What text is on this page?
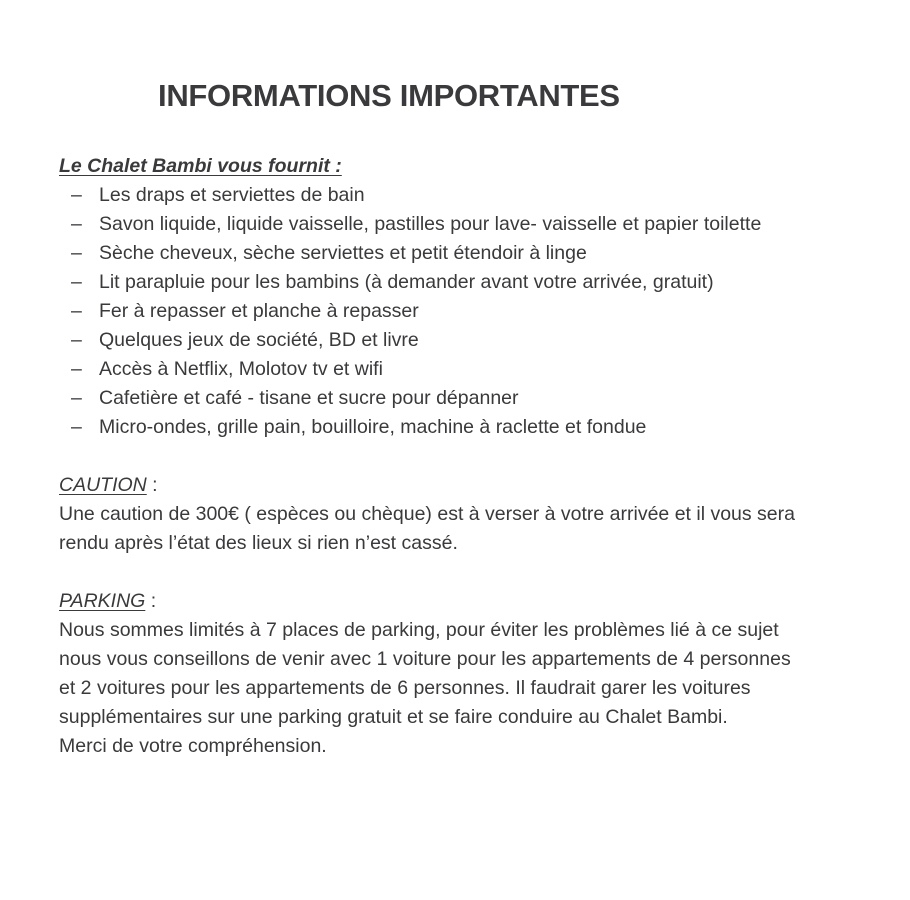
INFORMATIONS IMPORTANTES

Le Chalet Bambi vous fournit :

– Les draps et serviettes de bain
– Savon liquide, liquide vaisselle, pastilles pour lave- vaisselle et papier toilette
– Sèche cheveux, sèche serviettes et petit étendoir à linge
– Lit parapluie pour les bambins (à demander avant votre arrivée, gratuit)
– Fer à repasser et planche à repasser
– Quelques jeux de société, BD et livre
– Accès à Netflix, Molotov tv et wifi
– Cafetière et café - tisane et sucre pour dépanner
– Micro-ondes, grille pain, bouilloire, machine à raclette et fondue

CAUTION :

Une caution de 300€ ( espèces ou chèque) est à verser à votre arrivée et il vous sera
rendu après l’état des lieux si rien n’est cassé.

PARKING :

Nous sommes limités à 7 places de parking, pour éviter les problèmes lié à ce sujet
nous vous conseillons de venir avec 1 voiture pour les appartements de 4 personnes
et 2 voitures pour les appartements de 6 personnes. Il faudrait garer les voitures
supplémentaires sur une parking gratuit et se faire conduire au Chalet Bambi.
Merci de votre compréhension.
